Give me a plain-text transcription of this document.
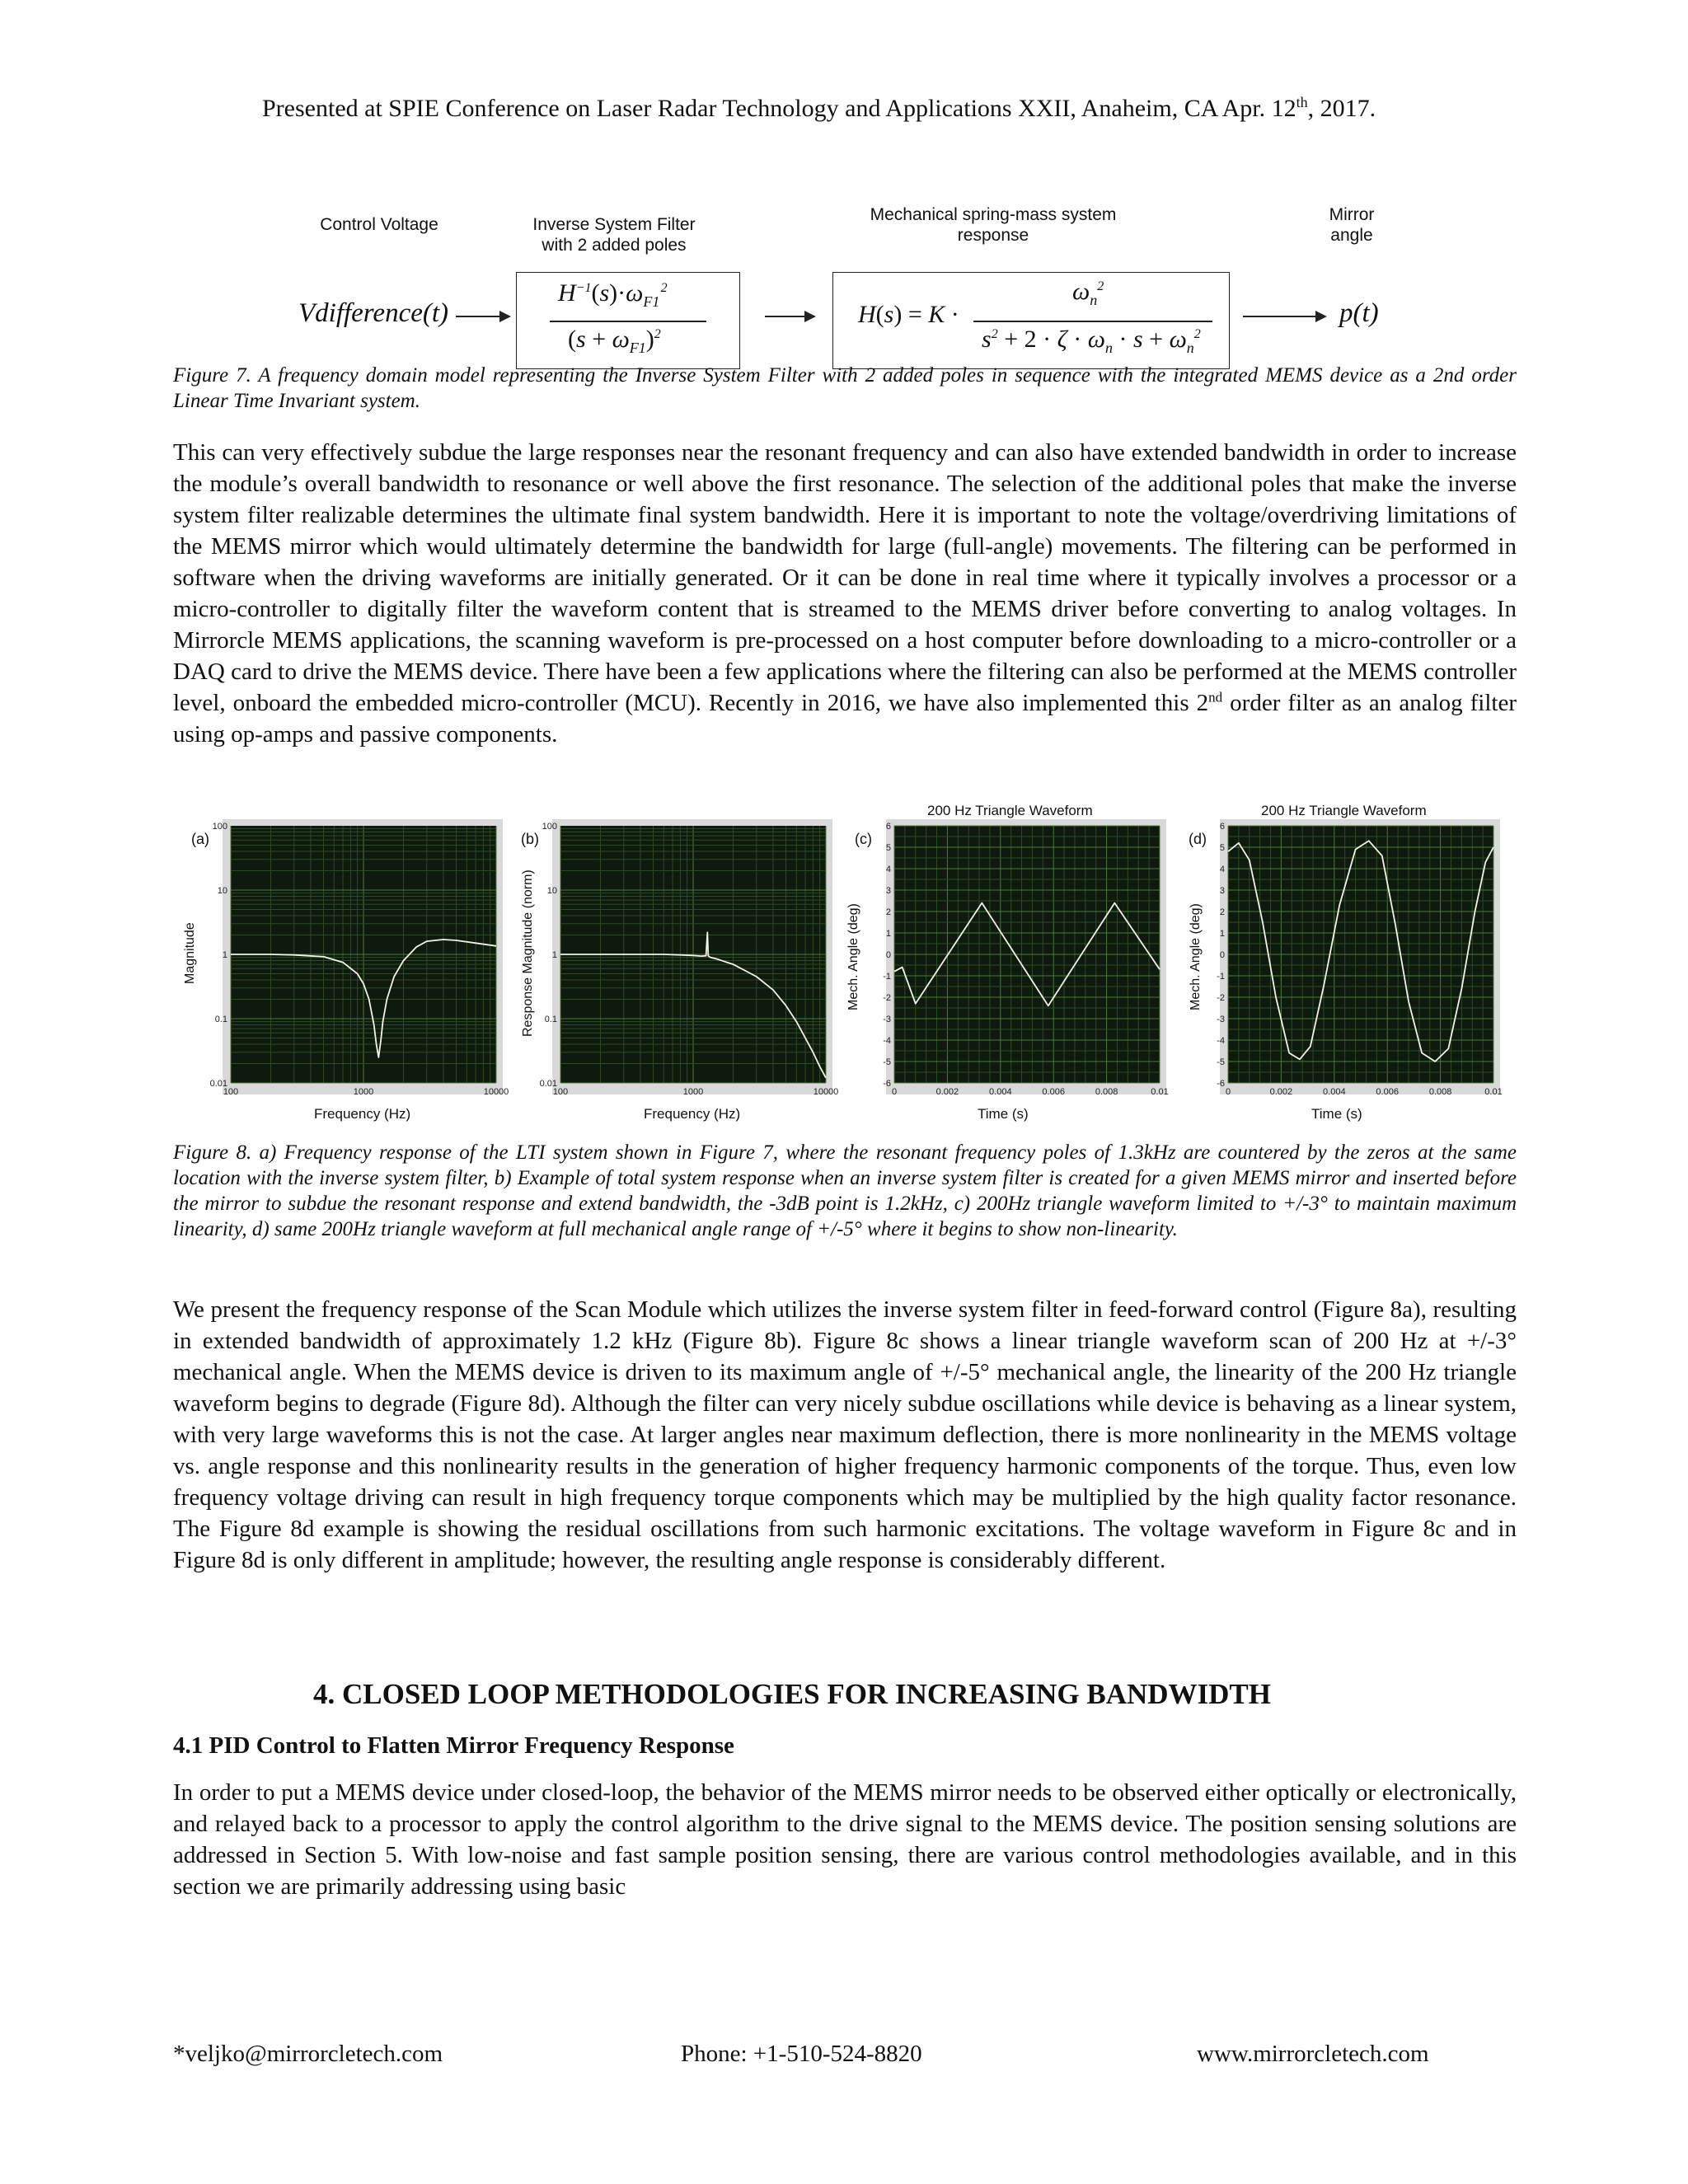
Presented at SPIE Conference on Laser Radar Technology and Applications XXII, Anaheim, CA Apr. 12th, 2017.
Control Voltage	Inverse System Filter
with 2 added poles
Mechanical spring-mass system
response
Mirror
angle
Vdifference(t)
$H^{-1}(s)\cdot\omega_{F1}$ $^2$
$(s + \omega_{F1})^2$
H(s) = K ·
$\omega_n^2$
$s^2 + 2 \cdot \zeta \cdot \omega_n \cdot s + \omega_n^2$
p(t)
Figure 7. A frequency domain model representing the Inverse System Filter with 2 added poles in sequence with the integrated MEMS device as a 2nd order Linear Time Invariant system.
This can very effectively subdue the large responses near the resonant frequency and can also have extended bandwidth in order to increase the module’s overall bandwidth to resonance or well above the first resonance. The selection of the additional poles that make the inverse system filter realizable determines the ultimate final system bandwidth. Here it is important to note the voltage/overdriving limitations of the MEMS mirror which would ultimately determine the bandwidth for large (full-angle) movements. The filtering can be performed in software when the driving waveforms are initially generated. Or it can be done in real time where it typically involves a processor or a micro-controller to digitally filter the waveform content that is streamed to the MEMS driver before converting to analog voltages. In Mirrorcle MEMS applications, the scanning waveform is pre-processed on a host computer before downloading to a micro-controller or a DAQ card to drive the MEMS device. There have been a few applications where the filtering can also be performed at the MEMS controller level, onboard the embedded micro-controller (MCU). Recently in 2016, we have also implemented this 2nd order filter as an analog filter using op-amps and passive components.
(a)
100	1000	10000
0.01
0.1
1
10
100
Frequency (Hz)
Magnitude
(b)
100	1000	10000
0.01
0.1
1
10
100
Frequency (Hz)
Response Magnitude (norm)
(c)
200 Hz Triangle Waveform
0	0.002	0.004	0.006	0.008	0.01
6
5
4
3
2
1
0
-1
-2
-3
-4
-5
-6
Time (s)
Mech. Angle (deg)
(d)
200 Hz Triangle Waveform
0	0.002	0.004	0.006	0.008	0.01
6
5
4
3
2
1
0
-1
-2
-3
-4
-5
-6
Time (s)
Mech. Angle (deg)
Figure 8. a) Frequency response of the LTI system shown in Figure 7, where the resonant frequency poles of 1.3kHz are countered by the zeros at the same location with the inverse system filter, b) Example of total system response when an inverse system filter is created for a given MEMS mirror and inserted before the mirror to subdue the resonant response and extend bandwidth, the -3dB point is 1.2kHz, c) 200Hz triangle waveform limited to +/-3° to maintain maximum linearity, d) same 200Hz triangle waveform at full mechanical angle range of +/-5° where it begins to show non-linearity.
We present the frequency response of the Scan Module which utilizes the inverse system filter in feed-forward control (Figure 8a), resulting in extended bandwidth of approximately 1.2 kHz (Figure 8b). Figure 8c shows a linear triangle waveform scan of 200 Hz at +/-3° mechanical angle. When the MEMS device is driven to its maximum angle of +/-5° mechanical angle, the linearity of the 200 Hz triangle waveform begins to degrade (Figure 8d). Although the filter can very nicely subdue oscillations while device is behaving as a linear system, with very large waveforms this is not the case. At larger angles near maximum deflection, there is more nonlinearity in the MEMS voltage vs. angle response and this nonlinearity results in the generation of higher frequency harmonic components of the torque. Thus, even low frequency voltage driving can result in high frequency torque components which may be multiplied by the high quality factor resonance. The Figure 8d example is showing the residual oscillations from such harmonic excitations. The voltage waveform in Figure 8c and in Figure 8d is only different in amplitude; however, the resulting angle response is considerably different.
4. CLOSED LOOP METHODOLOGIES FOR INCREASING BANDWIDTH
4.1 PID Control to Flatten Mirror Frequency Response
In order to put a MEMS device under closed-loop, the behavior of the MEMS mirror needs to be observed either optically or electronically, and relayed back to a processor to apply the control algorithm to the drive signal to the MEMS device. The position sensing solutions are addressed in Section 5. With low-noise and fast sample position sensing, there are various control methodologies available, and in this section we are primarily addressing using basic
*veljko@mirrorcletech.com	Phone: +1-510-524-8820	www.mirrorcletech.com
